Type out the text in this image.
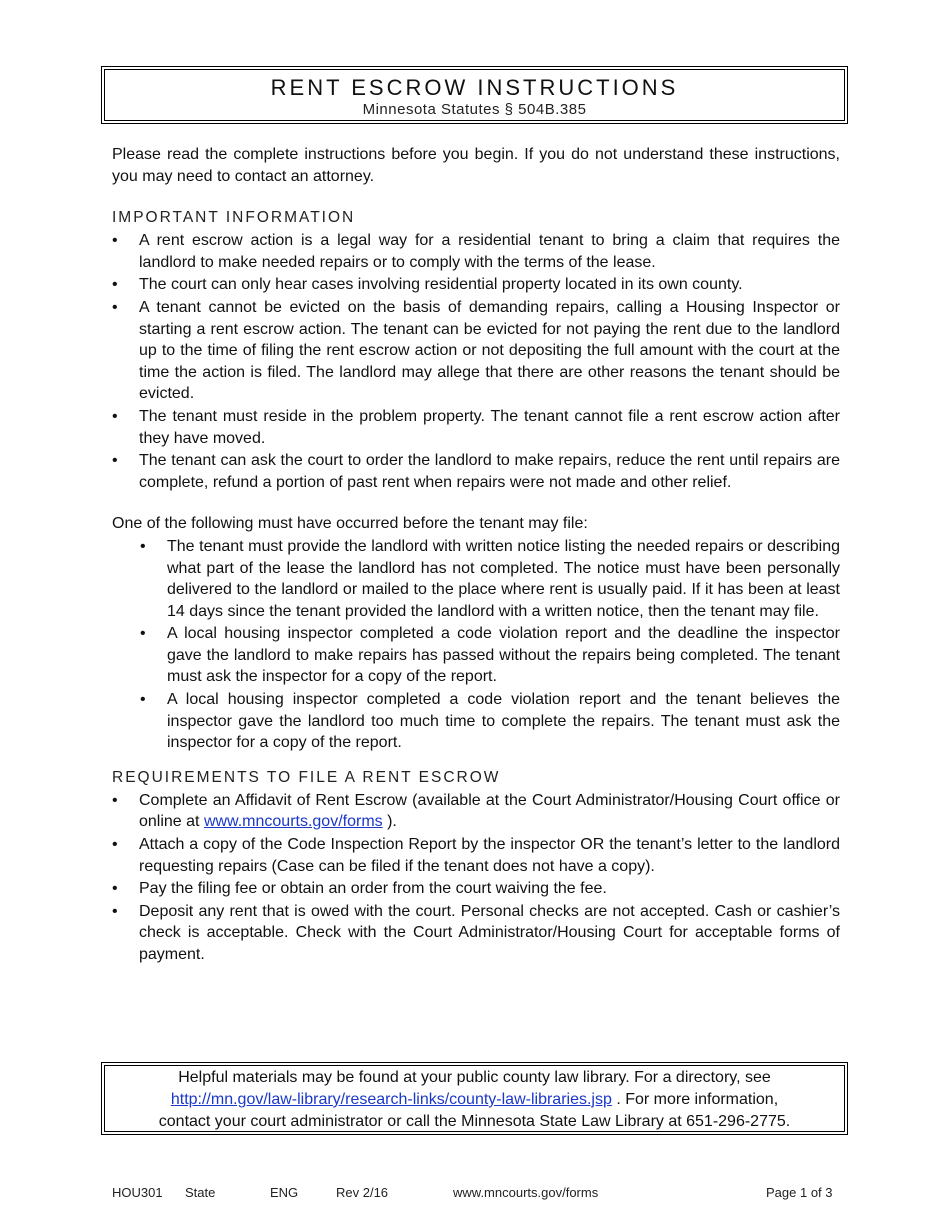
RENT ESCROW INSTRUCTIONS
Minnesota Statutes § 504B.385

Please read the complete instructions before you begin. If you do not understand these instructions, you may need to contact an attorney.

IMPORTANT INFORMATION
• A rent escrow action is a legal way for a residential tenant to bring a claim that requires the landlord to make needed repairs or to comply with the terms of the lease.
• The court can only hear cases involving residential property located in its own county.
• A tenant cannot be evicted on the basis of demanding repairs, calling a Housing Inspector or starting a rent escrow action. The tenant can be evicted for not paying the rent due to the landlord up to the time of filing the rent escrow action or not depositing the full amount with the court at the time the action is filed. The landlord may allege that there are other reasons the tenant should be evicted.
• The tenant must reside in the problem property. The tenant cannot file a rent escrow action after they have moved.
• The tenant can ask the court to order the landlord to make repairs, reduce the rent until repairs are complete, refund a portion of past rent when repairs were not made and other relief.

One of the following must have occurred before the tenant may file:

• The tenant must provide the landlord with written notice listing the needed repairs or describing what part of the lease the landlord has not completed. The notice must have been personally delivered to the landlord or mailed to the place where rent is usually paid. If it has been at least 14 days since the tenant provided the landlord with a written notice, then the tenant may file.
• A local housing inspector completed a code violation report and the deadline the inspector gave the landlord to make repairs has passed without the repairs being completed. The tenant must ask the inspector for a copy of the report.
• A local housing inspector completed a code violation report and the tenant believes the inspector gave the landlord too much time to complete the repairs. The tenant must ask the inspector for a copy of the report.
REQUIREMENTS TO FILE A RENT ESCROW
• Complete an Affidavit of Rent Escrow (available at the Court Administrator/Housing Court office or online at www.mncourts.gov/forms ).
• Attach a copy of the Code Inspection Report by the inspector OR the tenant’s letter to the landlord requesting repairs (Case can be filed if the tenant does not have a copy).
• Pay the filing fee or obtain an order from the court waiving the fee.
• Deposit any rent that is owed with the court. Personal checks are not accepted. Cash or cashier’s check is acceptable. Check with the Court Administrator/Housing Court for acceptable forms of payment.
Helpful materials may be found at your public county law library. For a directory, see
http://mn.gov/law-library/research-links/county-law-libraries.jsp . For more information,
contact your court administrator or call the Minnesota State Law Library at 651-296-2775.
HOU301 State	ENG	Rev 2/16	www.mncourts.gov/forms	Page 1 of 3
